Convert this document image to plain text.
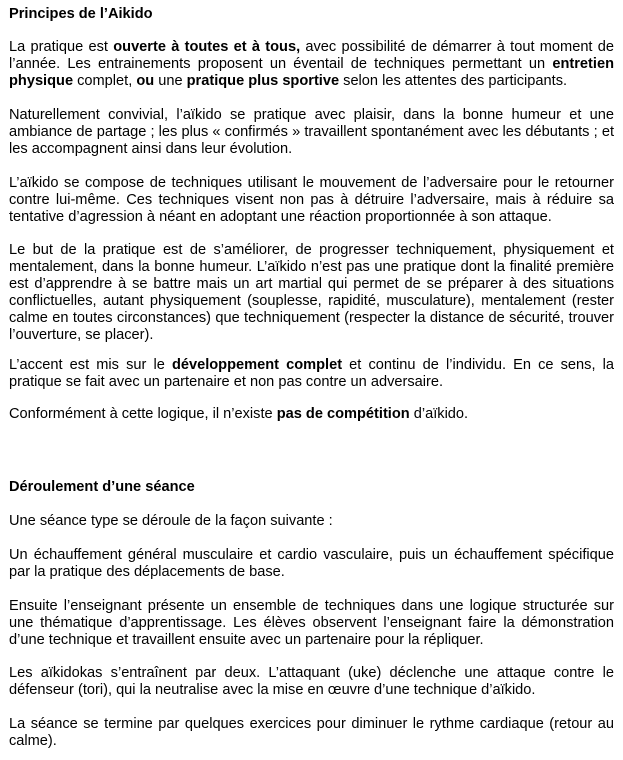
Principes de l’Aikido

La pratique est ouverte à toutes et à tous, avec possibilité de démarrer à tout moment de l’année. Les entrainements proposent un éventail de techniques permettant un entretien physique complet, ou une pratique plus sportive selon les attentes des participants.

Naturellement convivial, l’aïkido se pratique avec plaisir, dans la bonne humeur et une ambiance de partage ; les plus « confirmés » travaillent spontanément avec les débutants ; et les accompagnent ainsi dans leur évolution.

L’aïkido se compose de techniques utilisant le mouvement de l’adversaire pour le retourner contre lui-même. Ces techniques visent non pas à détruire l’adversaire, mais à réduire sa tentative d’agression à néant en adoptant une réaction proportionnée à son attaque.

Le but de la pratique est de s’améliorer, de progresser techniquement, physiquement et mentalement, dans la bonne humeur. L’aïkido n’est pas une pratique dont la finalité première est d’apprendre à se battre mais un art martial qui permet de se préparer à des situations conflictuelles, autant physiquement (souplesse, rapidité, musculature), mentalement (rester calme en toutes circonstances) que techniquement (respecter la distance de sécurité, trouver l’ouverture, se placer).

L’accent est mis sur le développement complet et continu de l’individu. En ce sens, la pratique se fait avec un partenaire et non pas contre un adversaire.

Conformément à cette logique, il n’existe pas de compétition d’aïkido.

Déroulement d’une séance

Une séance type se déroule de la façon suivante :

Un échauffement général musculaire et cardio vasculaire, puis un échauffement spécifique par la pratique des déplacements de base.

Ensuite l’enseignant présente un ensemble de techniques dans une logique structurée sur une thématique d’apprentissage. Les élèves observent l’enseignant faire la démonstration d’une technique et travaillent ensuite avec un partenaire pour la répliquer.

Les aïkidokas s’entraînent par deux. L’attaquant (uke) déclenche une attaque contre le défenseur (tori), qui la neutralise avec la mise en œuvre d’une technique d’aïkido.

La séance se termine par quelques exercices pour diminuer le rythme cardiaque (retour au calme).
